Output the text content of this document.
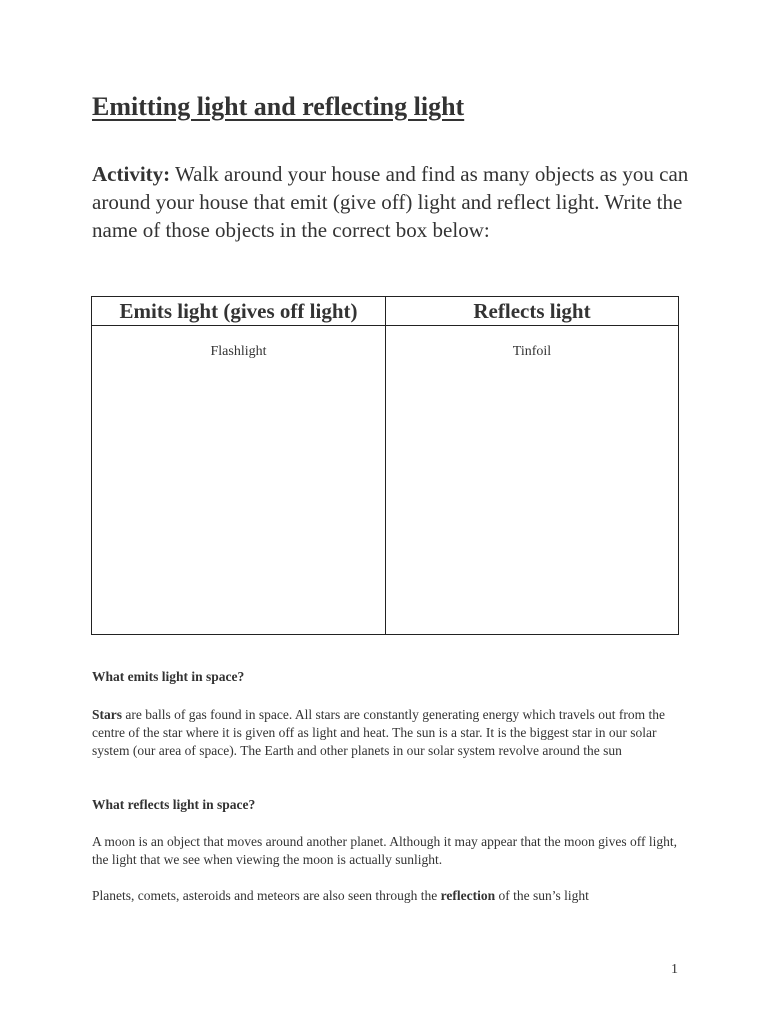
Emitting light and reflecting light

Activity: Walk around your house and find as many objects as you can around your house that emit (give off) light and reflect light. Write the name of those objects in the correct box below:

Emits light (gives off light)	Reflects light
Flashlight	Tinfoil

What emits light in space?

Stars are balls of gas found in space. All stars are constantly generating energy which travels out from the centre of the star where it is given off as light and heat. The sun is a star. It is the biggest star in our solar system (our area of space). The Earth and other planets in our solar system revolve around the sun

What reflects light in space?

A moon is an object that moves around another planet. Although it may appear that the moon gives off light, the light that we see when viewing the moon is actually sunlight.

Planets, comets, asteroids and meteors are also seen through the reflection of the sun’s light

1
